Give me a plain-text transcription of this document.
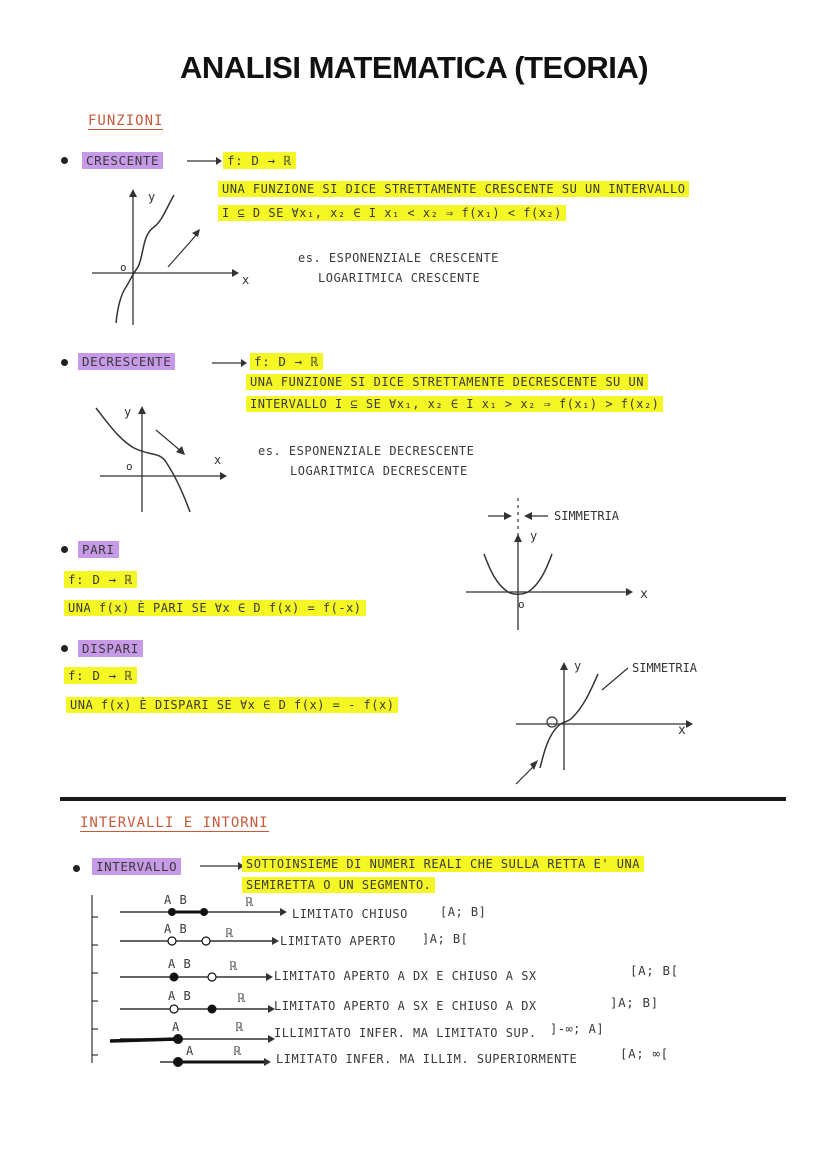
ANALISI MATEMATICA (TEORIA)
FUNZIONI
CRESCENTE	f: D → ℝ
UNA FUNZIONE SI DICE STRETTAMENTE CRESCENTE SU UN INTERVALLO
I ⊆ D SE ∀x₁, x₂ ∈ I x₁ < x₂ ⇒ f(x₁) < f(x₂)
es. ESPONENZIALE CRESCENTE
LOGARITMICA CRESCENTE
y
x
o
DECRESCENTE	f: D → ℝ
UNA FUNZIONE SI DICE STRETTAMENTE DECRESCENTE SU UN
INTERVALLO I ⊆ SE ∀x₁, x₂ ∈ I x₁ > x₂ ⇒ f(x₁) > f(x₂)
es. ESPONENZIALE DECRESCENTE
LOGARITMICA DECRESCENTE
y
x
o
PARI
f: D → ℝ
UNA f(x) È PARI SE ∀x ∈ D f(x) = f(-x)
SIMMETRIA
y
x
o
DISPARI
f: D → ℝ
UNA f(x) È DISPARI SE ∀x ∈ D f(x) = - f(x)
SIMMETRIA
y
x
INTERVALLI E INTORNI
INTERVALLO	SOTTOINSIEME DI NUMERI REALI CHE SULLA RETTA E' UNA
SEMIRETTA O UN SEGMENTO.
A B	ℝ
LIMITATO CHIUSO	[A; B]
A B	ℝ
LIMITATO APERTO ]A; B[
A B	ℝ
LIMITATO APERTO A DX E CHIUSO A SX	[A; B[
A B	ℝ
LIMITATO APERTO A SX E CHIUSO A DX	]A; B]
A	ℝ	ILLIMITATO INFER. MA LIMITATO SUP. ]-∞; A]
A	ℝ
LIMITATO INFER. MA ILLIM. SUPERIORMENTE	[A; ∞[
